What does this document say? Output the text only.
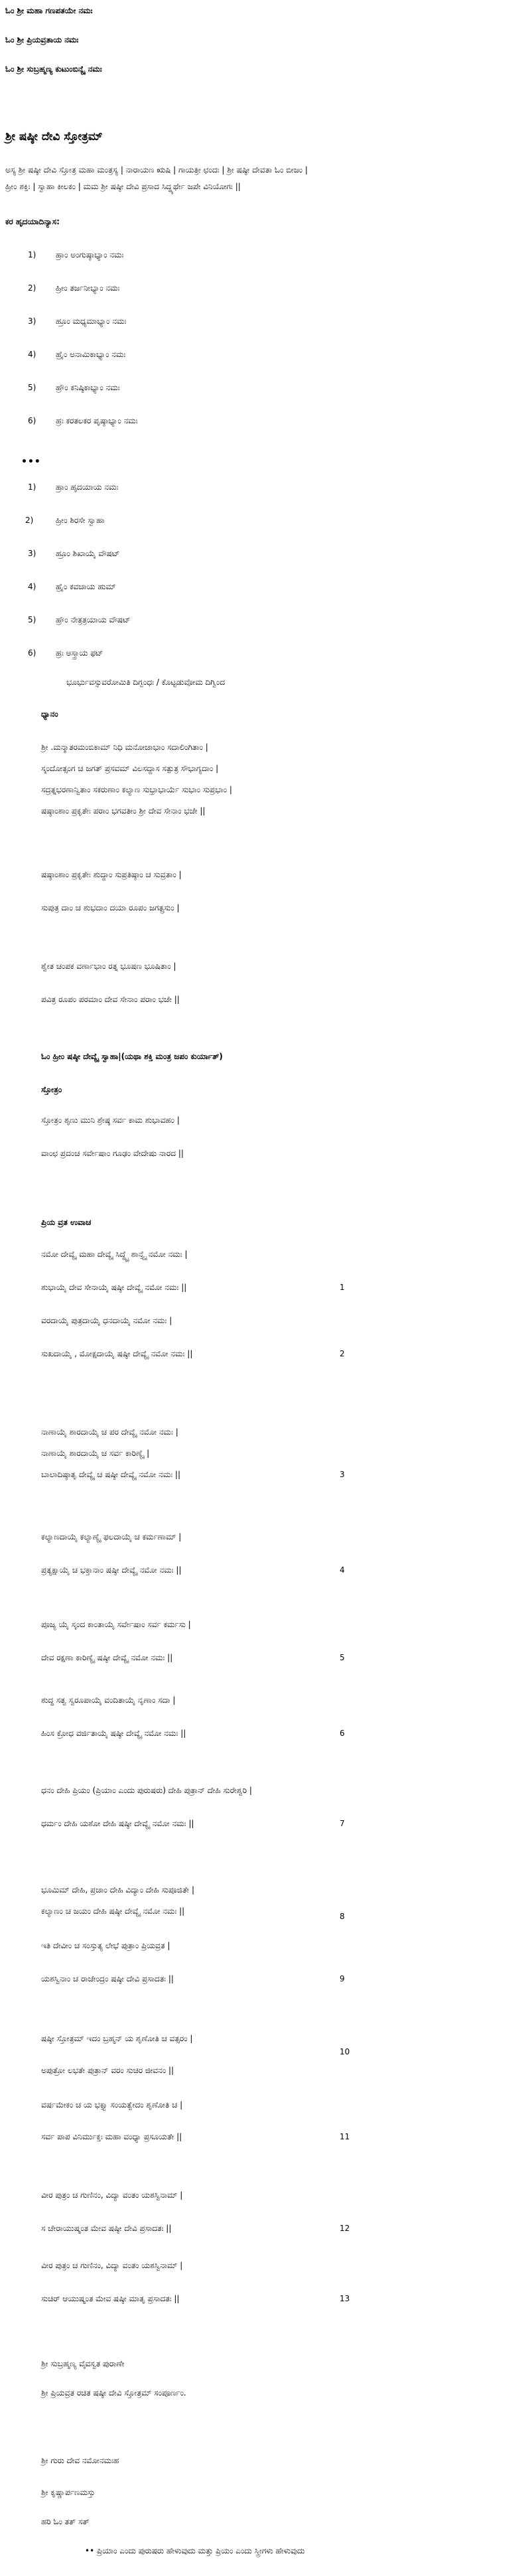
ಓಂ ಶ್ರೀ ಮಹಾ ಗಣಪತಯೇ ನಮಃ
ಓಂ ಶ್ರೀ ಪ್ರಿಯವ್ರತಾಯ ನಮಃ
ಓಂ ಶ್ರೀ ಸುಬ್ರಹ್ಮಣ್ಯ ಕುಟುಂಬಿನ್ಯೈ ನಮಃ
ಶ್ರೀ ಷಷ್ಠೀ ದೇವಿ ಸ್ತೋತ್ರಮ್
ಅಸ್ಯ ಶ್ರೀ ಷಷ್ಠೀ ದೇವಿ ಸ್ತೋತ್ರ ಮಹಾ ಮಂತ್ರಸ್ಯ | ನಾರಾಯಣ ಋಷಿ | ಗಾಯತ್ರೀ ಛಂದಃ | ಶ್ರೀ ಷಷ್ಠೀ ದೇವತಾ ಓಂ ಬೀಜಂ |
ಹ್ರೀಂ ಶಕ್ತಿಃ | ಸ್ವಾಹಾ ಕೀಲಕಂ | ಮಮ ಶ್ರೀ ಷಷ್ಠೀ ದೇವಿ ಪ್ರಸಾದ ಸಿದ್ಧ್ಯರ್ಥೇ ಜಪೇ ವಿನಿಯೋಗಃ ||
ಕರ ಹೃದಯಾದಿನ್ಯಾಸ:
1) ಹ್ರಾಂ ಅಂಗುಷ್ಠಾಭ್ಯಾಂ ನಮಃ
2) ಹ್ರೀಂ ತರ್ಜನೀಭ್ಯಾಂ ನಮಃ
3) ಹ್ರೂಂ ಮಧ್ಯಮಾಭ್ಯಾಂ ನಮಃ
4) ಹ್ರೈಂ ಅನಾಮಿಕಾಭ್ಯಾಂ ನಮಃ
5) ಹ್ರೌಂ ಕನಿಷ್ಠಿಕಾಭ್ಯಾಂ ನಮಃ
6) ಹ್ರಃ ಕರತಲಕರ ಪೃಷ್ಠಾಭ್ಯಾಂ ನಮಃ
•••
1) ಹ್ರಾಂ ಹೃದಯಾಯ ನಮಃ
2)	ಹ್ರೀಂ ಶಿರಸೇ ಸ್ವಾಹಾ
3) ಹ್ರೂಂ ಶಿಖಾಯೈ ವೌಷಟ್
4) ಹ್ರೈಂ ಕವಚಾಯ ಹುಮ್
5) ಹ್ರೌಂ ನೇತ್ರತ್ರಯಾಯ ವೌಷಟ್
6) ಹ್ರಃ ಅಸ್ತ್ರಾಯ ಫಟ್
ಭೂರ್ಭುವಸ್ಸುವರೋಮಿತಿ ದಿಗ್ಬಂಧಃ / ಕೊಟ್ಟಡುವೋಮ ದಿಗ್ವಿಂದ
ಧ್ಯಾನಂ
ಶ್ರೀ .ಮನ್ಮಾತರಮಂಬಿಕಾಮ್ ನಿಧಿ ಮನೋಜಾಭಾಂ ಸದಾಲಿಂಗಿತಾಂ |
ಸ್ಕಂದೋತ್ಸಂಗ ಚ ಜಗತ್ ಪ್ರಸವಮ್ ವಿಲಸದ್ದಾಸ ಸತ್ಪುತ್ರ ಸೌಭಾಗ್ಯದಾಂ |
ಸದ್ರತ್ನಭರಣಾನ್ವಿತಾಂ ಸಕರುಣಾಂ ಕಲ್ಯಾಣ ಸುಭ್ರಾಭಾರ್ಯೆ ಸುಭಾಂ ಸುಪ್ರಭಾಂ |
ಷಷ್ಠಾಂಶಾಂ ಪ್ರಕೃತೇಃ ಪರಾಂ ಭಗವತೀಂ ಶ್ರೀ ದೇವ ಸೇನಾಂ ಭಜೇ ||
ಷಷ್ಠಾಂಶಾಂ ಪ್ರಕೃತೇಃ ಶುದ್ಧಾಂ ಸುಪ್ರತಿಷ್ಠಾಂ ಚ ಸುವ್ರತಾಂ |
ಸುಪುತ್ರ ದಾಂ ಚ ಶುಭದಾಂ ದಯಾ ರೂಪಂ ಜಗತ್ಪ್ರಸುಂ |
ಶ್ವೇತ ಚಂಪಕ ವರ್ಣಾಭಾಂ ರತ್ನ ಭೂಷಣ ಭೂಷಿತಾಂ |
ಪವಿತ್ರ ರೂಪಂ ಪರಮಾಂ ದೇವ ಸೇನಾಂ ಪರಾಂ ಭಜೇ ||
ಓಂ ಹ್ರೀಂ ಷಷ್ಠೀ ದೇವ್ಯೈ ಸ್ವಾಹಾ|(ಯಥಾ ಶಕ್ತಿ ಮಂತ್ರ ಜಪಂ ಕುರ್ಯಾತ್)
ಸ್ತೋತ್ರಂ
ಸ್ತೋತ್ರಂ ಶೃಣು ಮುನಿ ಶ್ರೇಷ್ಠ ಸರ್ವ ಕಾಮ ಶುಭಾವಹಂ |
ವಾಂಛ ಪ್ರದಂಚ ಸರ್ವೇಷಾಂ ಗೂಢಂ ವೇದೇಷು ನಾರದ ||
ಪ್ರಿಯ ವ್ರತ ಉವಾಚ
ನಮೋ ದೇವ್ಯೈ ಮಹಾ ದೇವ್ಯೈ ಸಿದ್ಧ್ಯೈ ಶಾನ್ತ್ಯೈ ನಮೋ ನಮಃ |
ಶುಭಾಯೈ ದೇವ ಸೇನಾಯೈ ಷಷ್ಠೀ ದೇವ್ಯೈ ನಮೋ ನಮಃ ||	1
ವರದಾಯೈ ಪುತ್ರದಾಯೈ ಧನದಾಯೈ ನಮೋ ನಮಃ |
ಸುಖದಾಯೈ , ಮೋಕ್ಷದಾಯೈ ಷಷ್ಠೀ ದೇವ್ಯೈ ನಮೋ ನಮಃ ||	2
ನಾಣಾಯೈ ಶಾರದಾಯೈ ಚ ಪರ ದೇವ್ಯೈ ನಮೋ ನಮಃ |
ನಾಣಾಯೈ ಶಾರದಾಯೈ ಚ ಸರ್ವ ಕಾರಿಣ್ಯೈ |
ಬಾಲಾದಿಷ್ಠಾತೃ ದೇವ್ಯೈ ಚ ಷಷ್ಠೀ ದೇವ್ಯೈ ನಮೋ ನಮಃ ||	3
ಕಲ್ಯಾಣದಾಯೈ ಕಲ್ಯಾಣ್ಯೈ ಫಲದಾಯೈ ಚ ಕರ್ಮಣಾಮ್ |
ಪ್ರತ್ಯಕ್ಷಾಯೈ ಚ ಭಕ್ತಾನಾಂ ಷಷ್ಠೀ ದೇವ್ಯೈ ನಮೋ ನಮಃ ||	4
ಪೂಜ್ಯ ಯೈ ಸ್ಕಂದ ಕಾಂತಾಯೈ ಸರ್ವೇಷಾಂ ಸರ್ವ ಕರ್ಮಸು |
ದೇವ ರಕ್ಷಣಾ ಕಾರಿಣ್ಯೈ ಷಷ್ಠೀ ದೇವ್ಯೈ ನಮೋ ನಮಃ ||	5
ಶುದ್ಧ ಸತ್ವ ಸ್ವರೂಪಾಯೈ ವಂದಿತಾಯೈ ನೃಣಾಂ ಸದಾ |
ಹಿಂಸ ಕ್ರೋಧ ವರ್ಜಿತಾಯೈ ಷಷ್ಠೀ ದೇವ್ಯೈ ನಮೋ ನಮಃ ||	6
ಧನಂ ದೇಹಿ ಪ್ರಿಯಂ (ಪ್ರಿಯಾಂ ಎಂದು ಪುರುಷರು) ದೇಹಿ ಪುತ್ರಾನ್ ದೇಹಿ ಸುರೇಶ್ವರಿ |
ಧರ್ಮಂ ದೇಹಿ ಯಶೋ ದೇಹಿ ಷಷ್ಠೀ ದೇವ್ಯೈ ನಮೋ ನಮಃ ||	7
ಭೂಮಿಮ್ ದೇಹಿ, ಪ್ರಜಾಂ ದೇಹಿ ವಿದ್ಯಾಂ ದೇಹಿ ಸುಪೂಜಿತೇ |
ಕಲ್ಯಾಣಂ ಚ ಜಯಂ ದೇಹಿ ಷಷ್ಠೀ ದೇವ್ಯೈ ನಮೋ ನಮಃ ||
8
ಇತಿ ದೇವೀಂ ಚ ಸಂಸ್ತುತ್ಯ ಲೇಭೆ ಪುತ್ರಾಂ ಪ್ರಿಯವ್ರತ |
ಯಶಸ್ವಿನಾಂ ಚ ರಾಜೇಂದ್ರಂ ಷಷ್ಠೀ ದೇವಿ ಪ್ರಸಾದತಃ ||	9
ಷಷ್ಠೀ ಸ್ತೋತ್ರಮ್ ಇದಂ ಬ್ರಹ್ಮನ್ ಯ ಶೃಣೋತಿ ಚ ವತ್ಸರಂ |
ಅಪುತ್ರೋ ಲಭತೇ ಪುತ್ರಾನ್ ವರಂ ಸುಚಿರ ಜೀವನಂ ||
10
ವರ್ಷಮೇಕಂ ಚ ಯ ಭಕ್ತ್ಯಾ ಸಂಯತ್ವೇದಂ ಶೃಣೋತಿ ಚ |
ಸರ್ವ ಪಾಪ ವಿನಿರ್ಮುಕ್ತಃ ಮಹಾ ವಂಧ್ಯಾ ಪ್ರಸೂಯತೇ ||	11
ವೀರ ಪುತ್ರಂ ಚ ಗುಣಿನಂ, ವಿದ್ಯಾ ವಂತಂ ಯಶಸ್ವಿನಾಮ್ |
ಸ ಚೇರಾಯುಷ್ಮಂತ ಮೇವ ಷಷ್ಠೀ ದೇವಿ ಪ್ರಸಾದತಃ ||	12
ವೀರ ಪುತ್ರಂ ಚ ಗುಣಿನಂ, ವಿದ್ಯಾ ವಂತಂ ಯಶಸ್ವಿನಾಮ್ |
ಸುಚಿರ್ ಆಯುಷ್ಮಂತ ಮೇವ ಷಷ್ಠೀ ಮಾತೃ ಪ್ರಸಾದತಃ ||	13
ಶ್ರೀ ಸುಬ್ರಹ್ಮಣ್ಯ ವೈವಸ್ವತ ಪುರಾಣೇ
ಶ್ರೀ ಪ್ರಿಯವ್ರತ ರಚಿತ ಷಷ್ಠೀ ದೇವಿ ಸ್ತೋತ್ರಮ್ ಸಂಪೂರ್ಣಂ.
ಶ್ರೀ ಗುರು ದೇವ ನಮೋನಮಃಹ
ಶ್ರೀ ಕೃಷ್ಣಾರ್ಪಣಮಸ್ತು
ಹರಿ ಓಂ ತತ್ ಸತ್
•• ಪ್ರಿಯಾಂ ಎಂದು ಪುರುಷರು ಹೇಳುವುದು ಮತ್ತು ಪ್ರಿಯಂ ಎಂದು ಸ್ತ್ರೀಗಳು ಹೇಳುವುದು
